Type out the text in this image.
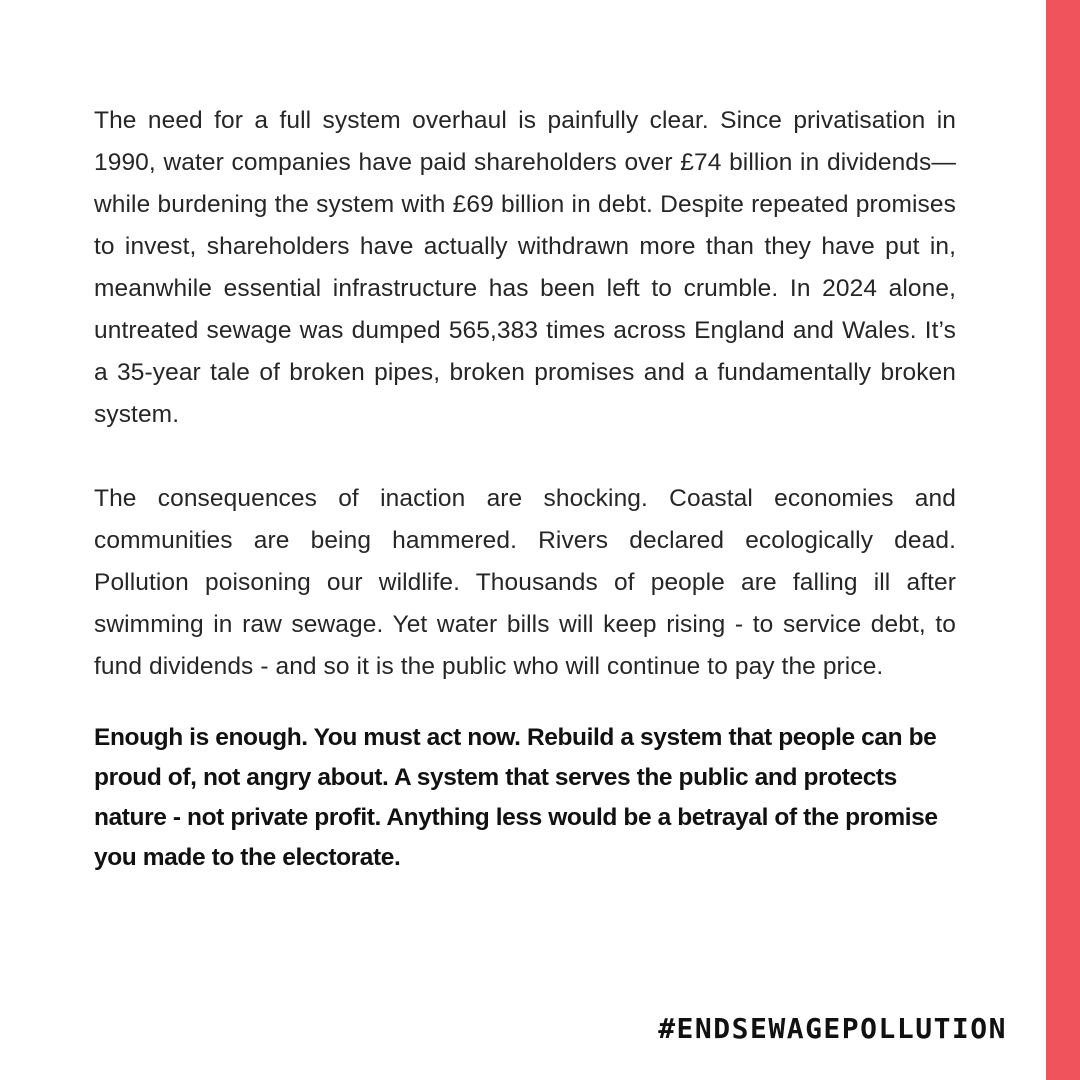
The need for a full system overhaul is painfully clear. Since privatisation in 1990, water companies have paid shareholders over £74 billion in dividends—while burdening the system with £69 billion in debt. Despite repeated promises to invest, shareholders have actually withdrawn more than they have put in, meanwhile essential infrastructure has been left to crumble. In 2024 alone, untreated sewage was dumped 565,383 times across England and Wales. It’s a 35-year tale of broken pipes, broken promises and a fundamentally broken system.

The consequences of inaction are shocking. Coastal economies and communities are being hammered. Rivers declared ecologically dead. Pollution poisoning our wildlife. Thousands of people are falling ill after swimming in raw sewage. Yet water bills will keep rising - to service debt, to fund dividends - and so it is the public who will continue to pay the price.

Enough is enough. You must act now. Rebuild a system that people can be proud of, not angry about. A system that serves the public and protects nature - not private profit. Anything less would be a betrayal of the promise you made to the electorate.

#ENDSEWAGEPOLLUTION
